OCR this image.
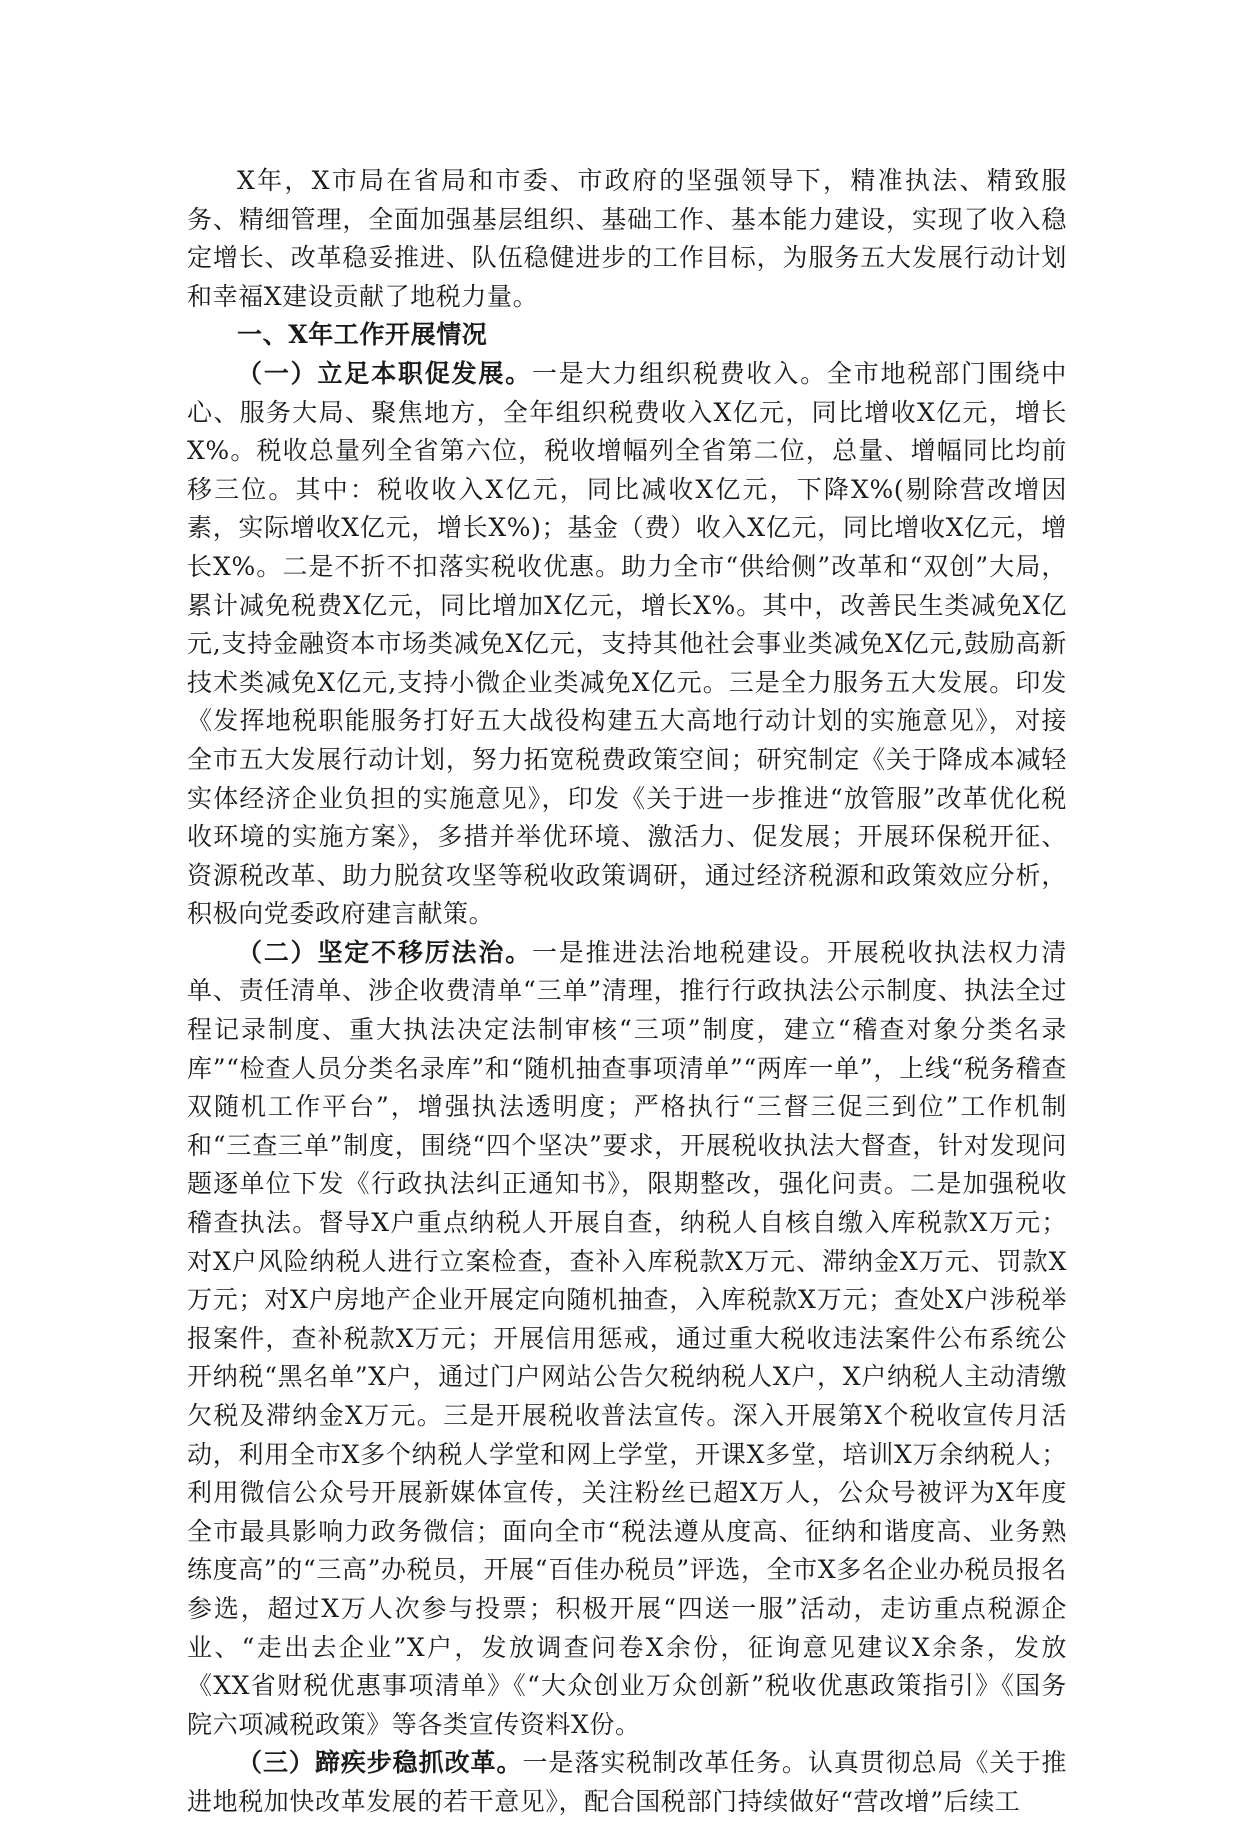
X年，X市局在省局和市委、市政府的坚强领导下，精准执法、精致服务、精细管理，全面加强基层组织、基础工作、基本能力建设，实现了收入稳定增长、改革稳妥推进、队伍稳健进步的工作目标，为服务五大发展行动计划和幸福X建设贡献了地税力量。

一、X年工作开展情况

（一）立足本职促发展。一是大力组织税费收入。全市地税部门围绕中心、服务大局、聚焦地方，全年组织税费收入X亿元，同比增收X亿元，增长X%。税收总量列全省第六位，税收增幅列全省第二位，总量、增幅同比均前移三位。其中：税收收入X亿元，同比减收X亿元，下降X%(剔除营改增因素，实际增收X亿元，增长X%)；基金（费）收入X亿元，同比增收X亿元，增长X%。二是不折不扣落实税收优惠。助力全市“供给侧”改革和“双创”大局，累计减免税费X亿元，同比增加X亿元，增长X%。其中，改善民生类减免X亿元,支持金融资本市场类减免X亿元，支持其他社会事业类减免X亿元,鼓励高新技术类减免X亿元,支持小微企业类减免X亿元。三是全力服务五大发展。印发《发挥地税职能服务打好五大战役构建五大高地行动计划的实施意见》，对接全市五大发展行动计划，努力拓宽税费政策空间；研究制定《关于降成本减轻实体经济企业负担的实施意见》，印发《关于进一步推进“放管服”改革优化税收环境的实施方案》，多措并举优环境、激活力、促发展；开展环保税开征、资源税改革、助力脱贫攻坚等税收政策调研，通过经济税源和政策效应分析，积极向党委政府建言献策。

（二）坚定不移厉法治。一是推进法治地税建设。开展税收执法权力清单、责任清单、涉企收费清单“三单”清理，推行行政执法公示制度、执法全过程记录制度、重大执法决定法制审核“三项”制度，建立“稽查对象分类名录库”“检查人员分类名录库”和“随机抽查事项清单”“两库一单”，上线“税务稽查双随机工作平台”，增强执法透明度；严格执行“三督三促三到位”工作机制和“三查三单”制度，围绕“四个坚决”要求，开展税收执法大督查，针对发现问题逐单位下发《行政执法纠正通知书》，限期整改，强化问责。二是加强税收稽查执法。督导X户重点纳税人开展自查，纳税人自核自缴入库税款X万元；对X户风险纳税人进行立案检查，查补入库税款X万元、滞纳金X万元、罚款X万元；对X户房地产企业开展定向随机抽查，入库税款X万元；查处X户涉税举报案件，查补税款X万元；开展信用惩戒，通过重大税收违法案件公布系统公开纳税“黑名单”X户，通过门户网站公告欠税纳税人X户，X户纳税人主动清缴欠税及滞纳金X万元。三是开展税收普法宣传。深入开展第X个税收宣传月活动，利用全市X多个纳税人学堂和网上学堂，开课X多堂，培训X万余纳税人；利用微信公众号开展新媒体宣传，关注粉丝已超X万人，公众号被评为X年度全市最具影响力政务微信；面向全市“税法遵从度高、征纳和谐度高、业务熟练度高”的“三高”办税员，开展“百佳办税员”评选，全市X多名企业办税员报名参选，超过X万人次参与投票；积极开展“四送一服”活动，走访重点税源企业、“走出去企业”X户，发放调查问卷X余份，征询意见建议X余条，发放《XX省财税优惠事项清单》《“大众创业万众创新”税收优惠政策指引》《国务院六项减税政策》等各类宣传资料X份。

（三）蹄疾步稳抓改革。一是落实税制改革任务。认真贯彻总局《关于推进地税加快改革发展的若干意见》，配合国税部门持续做好“营改增”后续工
